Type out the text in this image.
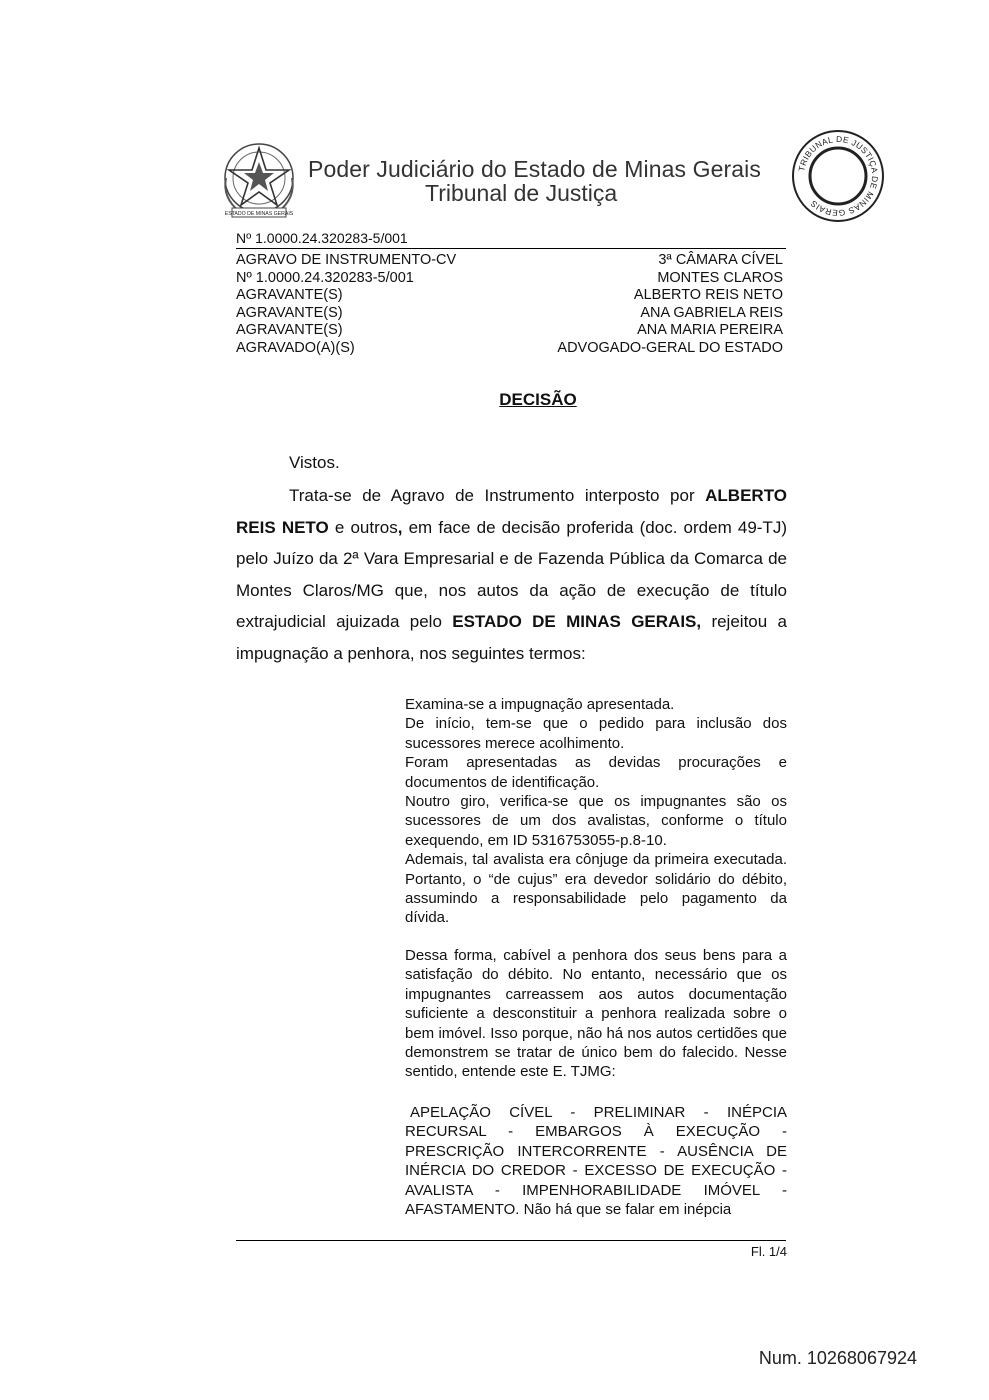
ESTADO DE MINAS GERAIS
Poder Judiciário do Estado de Minas Gerais
Tribunal de Justiça
TRIBUNAL DE JUSTIÇA DE MINAS GERAIS
Nº 1.0000.24.320283-5/001
AGRAVO DE INSTRUMENTO-CV	3ª CÂMARA CÍVEL
Nº 1.0000.24.320283-5/001	MONTES CLAROS
AGRAVANTE(S)	ALBERTO REIS NETO
AGRAVANTE(S)	ANA GABRIELA REIS
AGRAVANTE(S)	ANA MARIA PEREIRA
AGRAVADO(A)(S)	ADVOGADO-GERAL DO ESTADO
DECISÃO
Vistos.

Trata-se de Agravo de Instrumento interposto por ALBERTO REIS NETO e outros, em face de decisão proferida (doc. ordem 49-TJ) pelo Juízo da 2ª Vara Empresarial e de Fazenda Pública da Comarca de Montes Claros/MG que, nos autos da ação de execução de título extrajudicial ajuizada pelo ESTADO DE MINAS GERAIS, rejeitou a impugnação a penhora, nos seguintes termos:

Examina-se a impugnação apresentada.

De início, tem-se que o pedido para inclusão dos sucessores merece acolhimento.

Foram apresentadas as devidas procurações e documentos de identificação.

Noutro giro, verifica-se que os impugnantes são os sucessores de um dos avalistas, conforme o título exequendo, em ID 5316753055-p.8-10.

Ademais, tal avalista era cônjuge da primeira executada. Portanto, o “de cujus” era devedor solidário do débito, assumindo a responsabilidade pelo pagamento da dívida.

Dessa forma, cabível a penhora dos seus bens para a satisfação do débito. No entanto, necessário que os impugnantes carreassem aos autos documentação suficiente a desconstituir a penhora realizada sobre o bem imóvel. Isso porque, não há nos autos certidões que demonstrem se tratar de único bem do falecido. Nesse sentido, entende este E. TJMG:

APELAÇÃO CÍVEL - PRELIMINAR - INÉPCIA RECURSAL - EMBARGOS À EXECUÇÃO - PRESCRIÇÃO INTERCORRENTE - AUSÊNCIA DE INÉRCIA DO CREDOR - EXCESSO DE EXECUÇÃO - AVALISTA - IMPENHORABILIDADE IMÓVEL - AFASTAMENTO. Não há que se falar em inépcia

Fl. 1/4
Num. 10268067924
